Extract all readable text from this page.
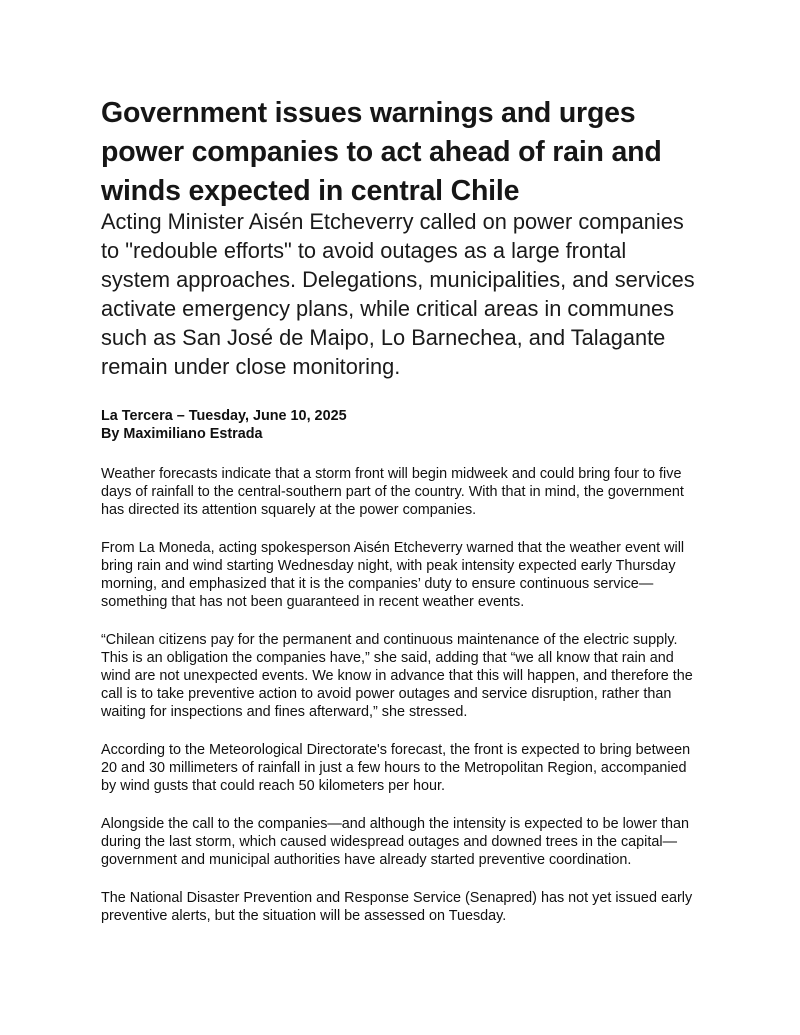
Government issues warnings and urges power companies to act ahead of rain and winds expected in central Chile

Acting Minister Aisén Etcheverry called on power companies to "redouble efforts" to avoid outages as a large frontal system approaches. Delegations, municipalities, and services activate emergency plans, while critical areas in communes such as San José de Maipo, Lo Barnechea, and Talagante remain under close monitoring.

La Tercera – Tuesday, June 10, 2025
By Maximiliano Estrada

Weather forecasts indicate that a storm front will begin midweek and could bring four to five days of rainfall to the central-southern part of the country. With that in mind, the government has directed its attention squarely at the power companies.

From La Moneda, acting spokesperson Aisén Etcheverry warned that the weather event will bring rain and wind starting Wednesday night, with peak intensity expected early Thursday morning, and emphasized that it is the companies’ duty to ensure continuous service—something that has not been guaranteed in recent weather events.

“Chilean citizens pay for the permanent and continuous maintenance of the electric supply. This is an obligation the companies have,” she said, adding that “we all know that rain and wind are not unexpected events. We know in advance that this will happen, and therefore the call is to take preventive action to avoid power outages and service disruption, rather than waiting for inspections and fines afterward,” she stressed.

According to the Meteorological Directorate's forecast, the front is expected to bring between 20 and 30 millimeters of rainfall in just a few hours to the Metropolitan Region, accompanied by wind gusts that could reach 50 kilometers per hour.

Alongside the call to the companies—and although the intensity is expected to be lower than during the last storm, which caused widespread outages and downed trees in the capital—government and municipal authorities have already started preventive coordination.

The National Disaster Prevention and Response Service (Senapred) has not yet issued early preventive alerts, but the situation will be assessed on Tuesday.
